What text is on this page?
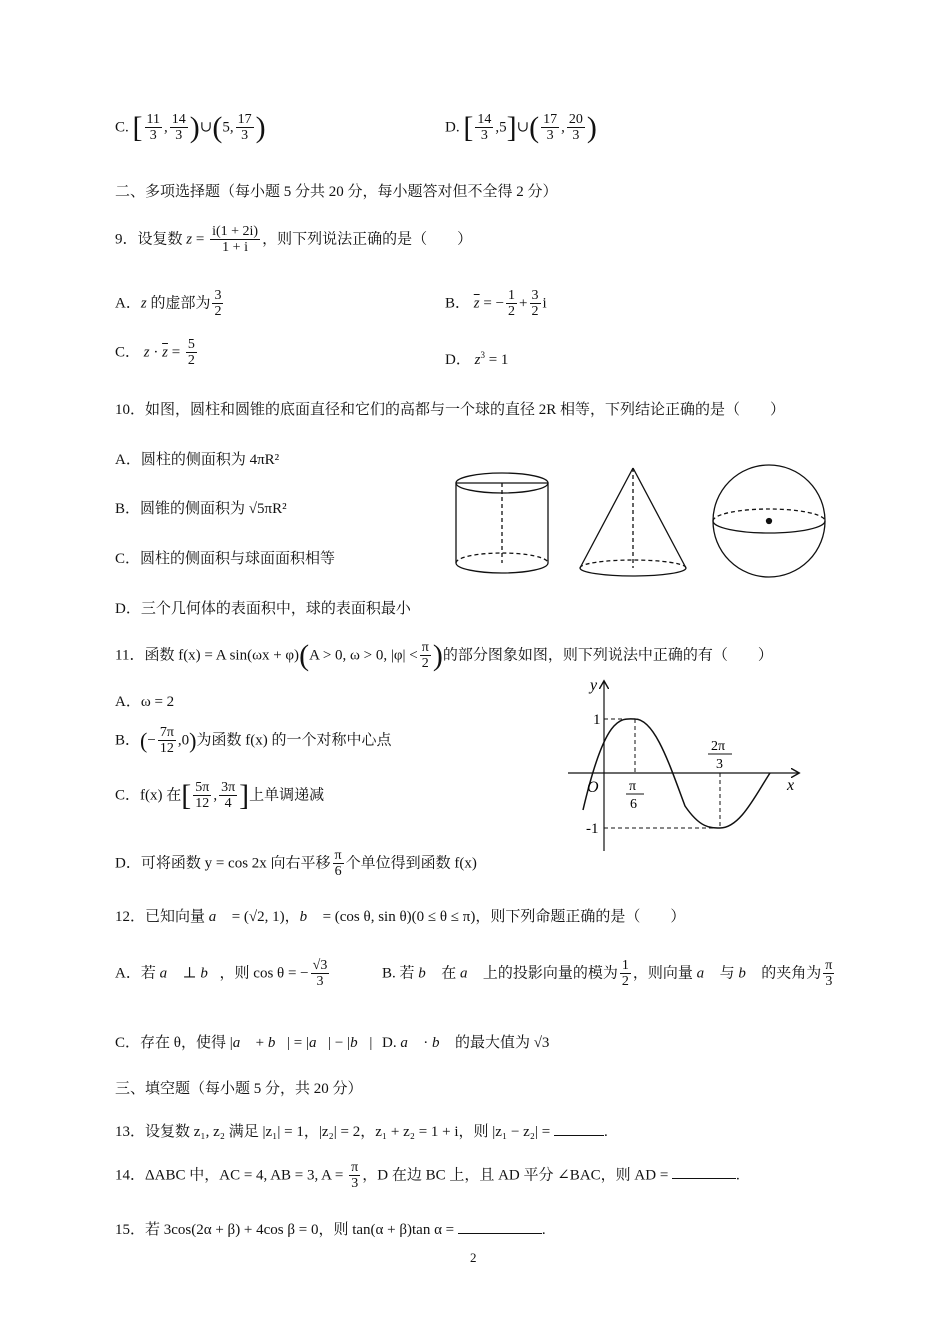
C. [ $\frac{11}{3}$ , $\frac{14}{3}$ )∪(5, $\frac{17}{3}$ )	D. [ $\frac{14}{3}$ ,5]∪( $\frac{17}{3}$ , $\frac{20}{3}$ )
二、多项选择题（每小题 5 分共 20 分，每小题答对但不全得 2 分）
9．设复数 $z = \frac{i(1 + 2i)}{1 + i}$ ，则下列说法正确的是（　　）
A．z 的虚部为 $\frac{3}{2}$	B． $\overline{z}$ = − $\frac{1}{2} + \frac{3}{2}$ i
C． $z \cdot \overline{z} = \frac{5}{2}$	D． $z^3 = 1$
10．如图，圆柱和圆锥的底面直径和它们的高都与一个球的直径 2R 相等，下列结论正确的是（　　）
A．圆柱的侧面积为 4πR²
B．圆锥的侧面积为 √5πR²
C．圆柱的侧面积与球面面积相等
D．三个几何体的表面积中，球的表面积最小
11．函数 f(x) = A sin(ωx + φ)(A > 0, ω > 0, $|\varphi| < \frac{\pi}{2}$ )的部分图象如图，则下列说法中正确的有（　　）
A．ω = 2
B．(− $\frac{7\pi}{12} ,0$)为函数 f(x) 的一个对称中心点
C．f(x) 在[ $\frac{5\pi}{12}$ , $\frac{3\pi}{4}$ ]上单调递减
D．可将函数 y = cos 2x 向右平移 $\frac{\pi}{6}$ 个单位得到函数 f(x)
y
x
O
1
-1
π
6
2π
3
12．已知向量 a⃗ = (√2, 1)，b⃗ = (cos θ, sin θ)(0 ≤ θ ≤ π)，则下列命题正确的是（　　）
A．若 a⃗ ⊥ b⃗，则 cos θ = − $\frac{√3}{3}$	B. 若 b⃗ 在 a⃗ 上的投影向量的模为 $\frac{1}{2}$ ，则向量 a⃗ 与 b⃗ 的夹角为 $\frac{\pi}{3}$
C．存在 θ，使得 |a⃗ + b⃗| = |a⃗| − |b⃗| D. a⃗ · b⃗ 的最大值为 √3
三、填空题（每小题 5 分，共 20 分）
13．设复数 z₁, z₂ 满足 |z₁| = 1，|z₂| = 2，z₁ + z₂ = 1 + i，则 |z₁ − z₂| =	.
14．ΔABC 中，AC = 4, AB = 3, $A = \frac{\pi}{3}$ ，D 在边 BC 上，且 AD 平分 ∠BAC，则 AD =	.
15．若 3cos(2α + β) + 4cos β = 0，则 tan(α + β)tan α =	.
2
